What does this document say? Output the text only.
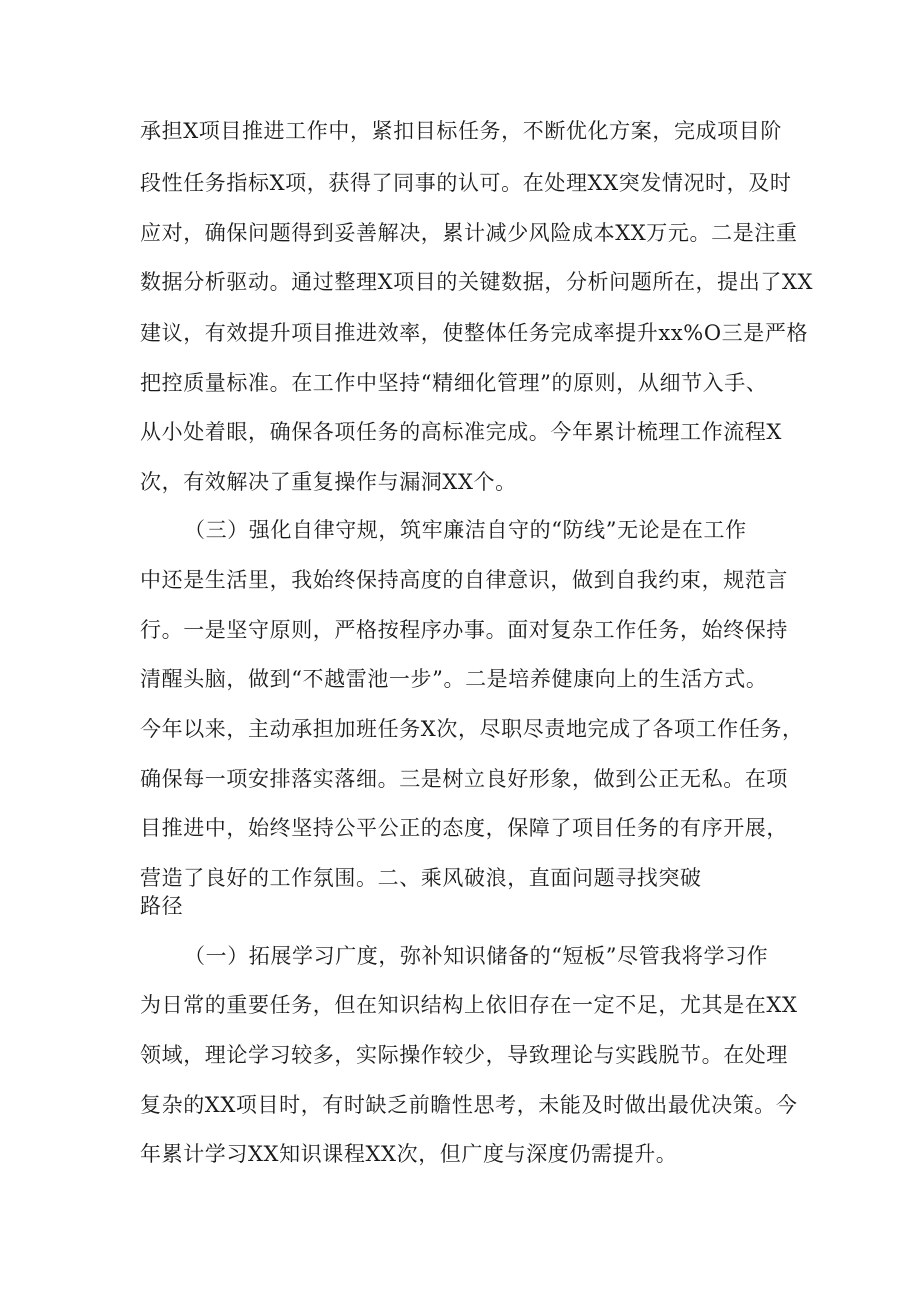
承担X项目推进工作中，紧扣目标任务，不断优化方案，完成项目阶
段性任务指标X项，获得了同事的认可。在处理XX突发情况时，及时
应对，确保问题得到妥善解决，累计减少风险成本XX万元。二是注重
数据分析驱动。通过整理X项目的关键数据，分析问题所在，提出了XX
建议，有效提升项目推进效率，使整体任务完成率提升xx%O三是严格
把控质量标准。在工作中坚持“精细化管理”的原则，从细节入手、
从小处着眼，确保各项任务的高标准完成。今年累计梳理工作流程X
次，有效解决了重复操作与漏洞XX个。
（三）强化自律守规，筑牢廉洁自守的“防线”无论是在工作
中还是生活里，我始终保持高度的自律意识，做到自我约束，规范言
行。一是坚守原则，严格按程序办事。面对复杂工作任务，始终保持
清醒头脑，做到“不越雷池一步”。二是培养健康向上的生活方式。
今年以来，主动承担加班任务X次，尽职尽责地完成了各项工作任务，
确保每一项安排落实落细。三是树立良好形象，做到公正无私。在项
目推进中，始终坚持公平公正的态度，保障了项目任务的有序开展，
营造了良好的工作氛围。二、乘风破浪，直面问题寻找突破
路径
（一）拓展学习广度，弥补知识储备的“短板”尽管我将学习作
为日常的重要任务，但在知识结构上依旧存在一定不足，尤其是在XX
领域，理论学习较多，实际操作较少，导致理论与实践脱节。在处理
复杂的XX项目时，有时缺乏前瞻性思考，未能及时做出最优决策。今
年累计学习XX知识课程XX次，但广度与深度仍需提升。
